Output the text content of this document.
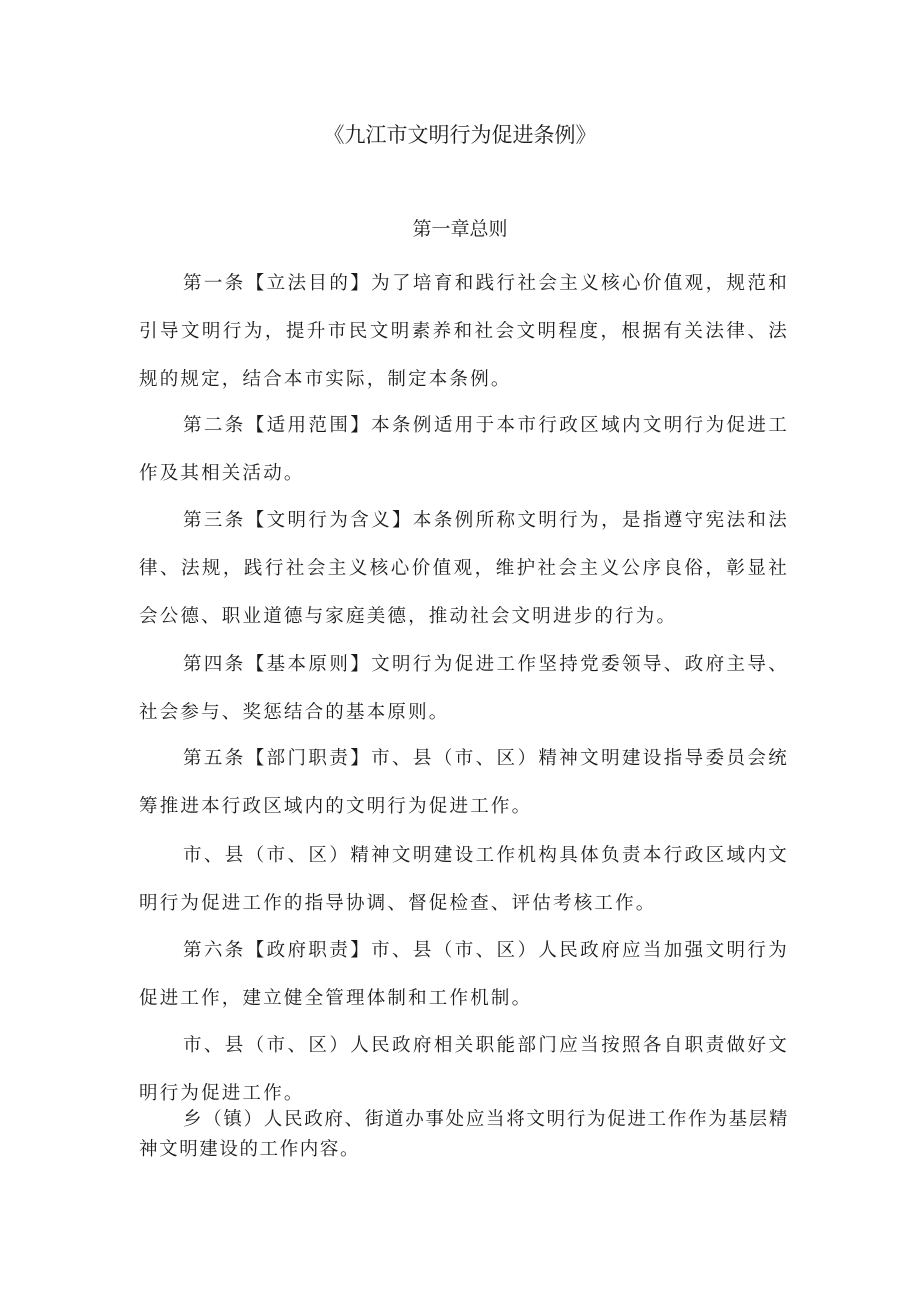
《九江市文明行为促进条例》
第一章总则
第一条【立法目的】为了培育和践行社会主义核心价值观，规范和引导文明行为，提升市民文明素养和社会文明程度，根据有关法律、法规的规定，结合本市实际，制定本条例。
第二条【适用范围】本条例适用于本市行政区域内文明行为促进工作及其相关活动。
第三条【文明行为含义】本条例所称文明行为，是指遵守宪法和法律、法规，践行社会主义核心价值观，维护社会主义公序良俗，彰显社会公德、职业道德与家庭美德，推动社会文明进步的行为。
第四条【基本原则】文明行为促进工作坚持党委领导、政府主导、社会参与、奖惩结合的基本原则。
第五条【部门职责】市、县（市、区）精神文明建设指导委员会统筹推进本行政区域内的文明行为促进工作。
市、县（市、区）精神文明建设工作机构具体负责本行政区域内文明行为促进工作的指导协调、督促检查、评估考核工作。
第六条【政府职责】市、县（市、区）人民政府应当加强文明行为促进工作，建立健全管理体制和工作机制。
市、县（市、区）人民政府相关职能部门应当按照各自职责做好文明行为促进工作。
乡（镇）人民政府、街道办事处应当将文明行为促进工作作为基层精神文明建设的工作内容。
